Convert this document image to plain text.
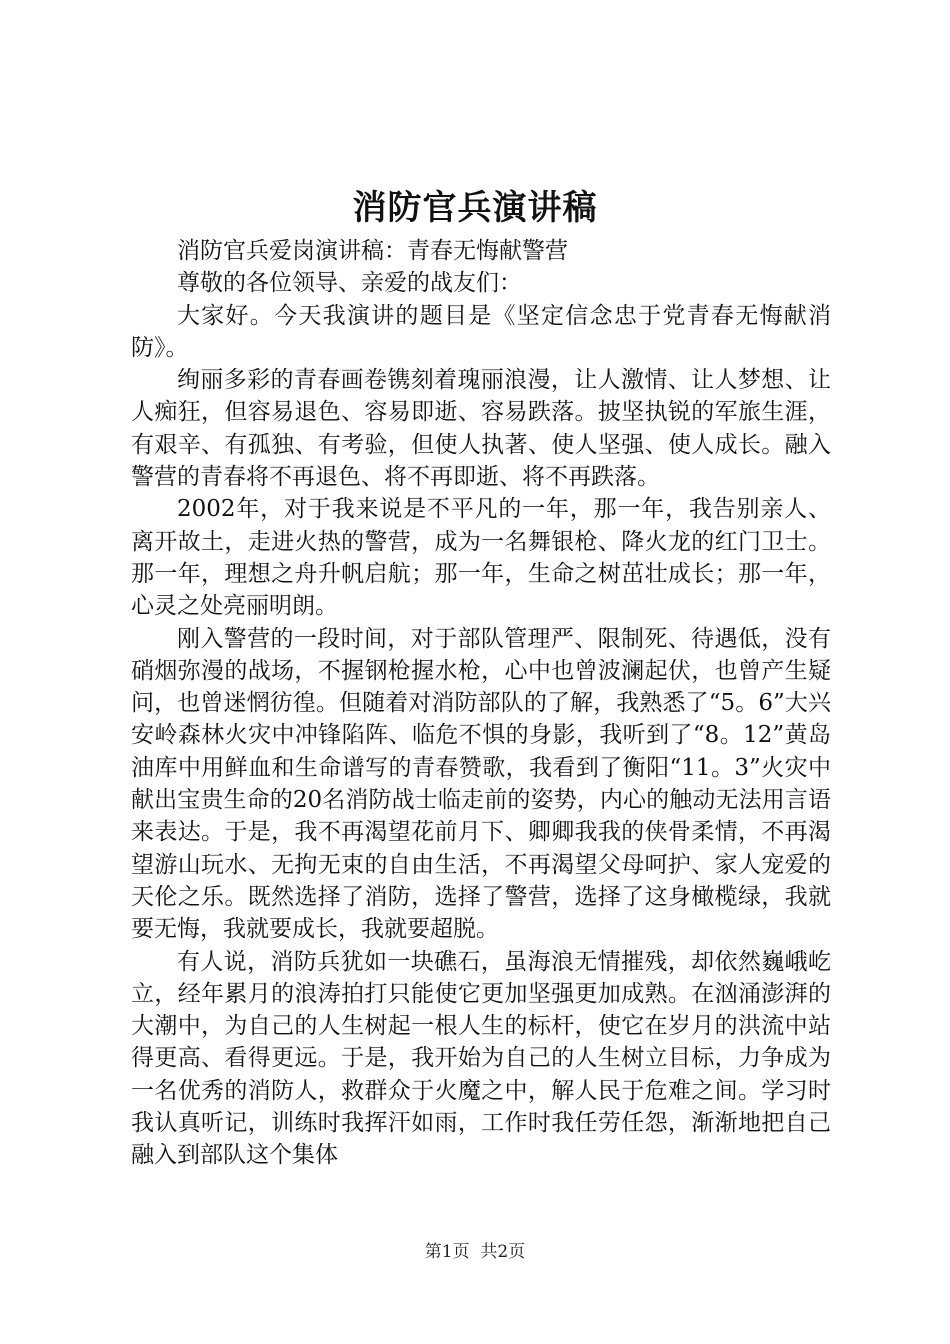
消防官兵演讲稿

消防官兵爱岗演讲稿：青春无悔献警营

尊敬的各位领导、亲爱的战友们：

大家好。今天我演讲的题目是《坚定信念忠于党青春无悔献消防》。

绚丽多彩的青春画卷镌刻着瑰丽浪漫，让人激情、让人梦想、让人痴狂，但容易退色、容易即逝、容易跌落。披坚执锐的军旅生涯，有艰辛、有孤独、有考验，但使人执著、使人坚强、使人成长。融入警营的青春将不再退色、将不再即逝、将不再跌落。

2002年，对于我来说是不平凡的一年，那一年，我告别亲人、离开故土，走进火热的警营，成为一名舞银枪、降火龙的红门卫士。那一年，理想之舟升帆启航；那一年，生命之树茁壮成长；那一年，心灵之处亮丽明朗。

刚入警营的一段时间，对于部队管理严、限制死、待遇低，没有硝烟弥漫的战场，不握钢枪握水枪，心中也曾波澜起伏，也曾产生疑问，也曾迷惘彷徨。但随着对消防部队的了解，我熟悉了“5。6”大兴安岭森林火灾中冲锋陷阵、临危不惧的身影，我听到了“8。12”黄岛油库中用鲜血和生命谱写的青春赞歌，我看到了衡阳“11。3”火灾中献出宝贵生命的20名消防战士临走前的姿势，内心的触动无法用言语来表达。于是，我不再渴望花前月下、卿卿我我的侠骨柔情，不再渴望游山玩水、无拘无束的自由生活，不再渴望父母呵护、家人宠爱的天伦之乐。既然选择了消防，选择了警营，选择了这身橄榄绿，我就要无悔，我就要成长，我就要超脱。

有人说，消防兵犹如一块礁石，虽海浪无情摧残，却依然巍峨屹立，经年累月的浪涛拍打只能使它更加坚强更加成熟。在汹涌澎湃的大潮中，为自己的人生树起一根人生的标杆，使它在岁月的洪流中站得更高、看得更远。于是，我开始为自己的人生树立目标，力争成为一名优秀的消防人，救群众于火魔之中，解人民于危难之间。学习时我认真听记，训练时我挥汗如雨，工作时我任劳任怨，渐渐地把自己融入到部队这个集体

第1页 共2页
